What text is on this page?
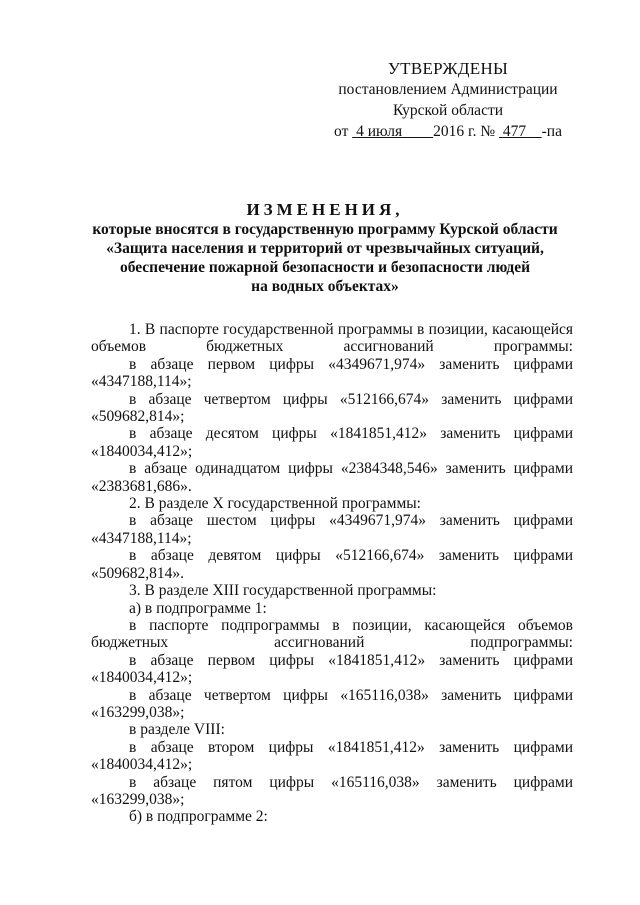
УТВЕРЖДЕНЫ
постановлением Администрации
Курской области
от 4 июля 2016 г. № 477 -па
ИЗМЕНЕНИЯ,
которые вносятся в государственную программу Курской области
«Защита населения и территорий от чрезвычайных ситуаций,
обеспечение пожарной безопасности и безопасности людей
на водных объектах»

1. В паспорте государственной программы в позиции, касающейся объемов бюджетных ассигнований программы:

в абзаце первом цифры «4349671,974» заменить цифрами «4347188,114»;

в абзаце четвертом цифры «512166,674» заменить цифрами «509682,814»;

в абзаце десятом цифры «1841851,412» заменить цифрами «1840034,412»;

в абзаце одинадцатом цифры «2384348,546» заменить цифрами «2383681,686».

2. В разделе X государственной программы:

в абзаце шестом цифры «4349671,974» заменить цифрами «4347188,114»;

в абзаце девятом цифры «512166,674» заменить цифрами «509682,814».

3. В разделе XIII государственной программы:

а) в подпрограмме 1:

в паспорте подпрограммы в позиции, касающейся объемов бюджетных ассигнований подпрограммы:

в абзаце первом цифры «1841851,412» заменить цифрами «1840034,412»;

в абзаце четвертом цифры «165116,038» заменить цифрами «163299,038»;

в разделе VIII:

в абзаце втором цифры «1841851,412» заменить цифрами «1840034,412»;

в абзаце пятом цифры «165116,038» заменить цифрами «163299,038»;

б) в подпрограмме 2:
